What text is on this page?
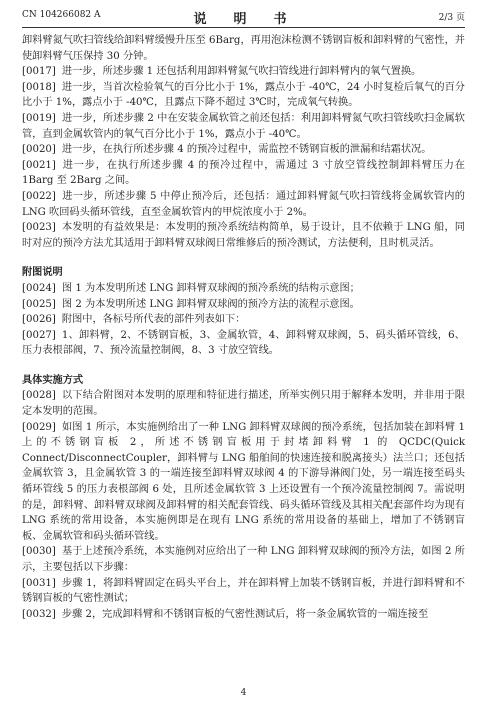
CN 104266082 A	说　明　书	2/3 页

卸料臂氮气吹扫管线给卸料臂缓慢升压至 6Barg，再用泡沫检测不锈钢盲板和卸料臂的气密性，并使卸料臂气压保持 30 分钟。

[0017] 进一步，所述步骤 1 还包括利用卸料臂氮气吹扫管线进行卸料臂内的氧气置换。

[0018] 进一步，当首次检验氧气的百分比小于 1%，露点小于 -40℃，24 小时复检后氧气的百分比小于 1%，露点小于 -40℃，且露点下降不超过 3℃时，完成氧气转换。

[0019] 进一步，所述步骤 2 中在安装金属软管之前还包括：利用卸料臂氮气吹扫管线吹扫金属软管，直到金属软管内的氧气百分比小于 1%，露点小于 -40℃。

[0020] 进一步，在执行所述步骤 4 的预冷过程中，需监控不锈钢盲板的泄漏和结霜状况。

[0021] 进一步，在执行所述步骤 4 的预冷过程中，需通过 3 寸放空管线控制卸料臂压力在 1Barg 至 2Barg 之间。

[0022] 进一步，所述步骤 5 中停止预冷后，还包括：通过卸料臂氮气吹扫管线将金属软管内的 LNG 吹回码头循环管线，直至金属软管内的甲烷浓度小于 2%。

[0023] 本发明的有益效果是：本发明的预冷系统结构简单，易于设计，且不依赖于 LNG 船，同时对应的预冷方法尤其适用于卸料臂双球阀日常维修后的预冷测试，方法便利，且时机灵活。

附图说明

[0024] 图 1 为本发明所述 LNG 卸料臂双球阀的预冷系统的结构示意图；

[0025] 图 2 为本发明所述 LNG 卸料臂双球阀的预冷方法的流程示意图。

[0026] 附图中，各标号所代表的部件列表如下：

[0027] 1、卸料臂，2、不锈钢盲板，3、金属软管，4、卸料臂双球阀，5、码头循环管线，6、压力表根部阀，7、预冷流量控制阀，8、3 寸放空管线。

具体实施方式

[0028] 以下结合附图对本发明的原理和特征进行描述，所举实例只用于解释本发明，并非用于限定本发明的范围。

[0029] 如图 1 所示，本实施例给出了一种 LNG 卸料臂双球阀的预冷系统，包括加装在卸料臂 1 上的不锈钢盲板 2，所述不锈钢盲板用于封堵卸料臂 1 的 QCDC(Quick Connect/DisconnectCoupler，卸料臂与 LNG 船舶间的快速连接和脱离接头）法兰口；还包括金属软管 3，且金属软管 3 的一端连接至卸料臂双球阀 4 的下游导淋阀门处，另一端连接至码头循环管线 5 的压力表根部阀 6 处，且所述金属软管 3 上还设置有一个预冷流量控制阀 7。需说明的是，卸料臂、卸料臂双球阀及卸料臂的相关配套管线、码头循环管线及其相关配套部件均为现有 LNG 系统的常用设备，本实施例即是在现有 LNG 系统的常用设备的基础上，增加了不锈钢盲板、金属软管和码头循环管线。

[0030] 基于上述预冷系统，本实施例对应给出了一种 LNG 卸料臂双球阀的预冷方法，如图 2 所示，主要包括以下步骤：

[0031] 步骤 1，将卸料臂固定在码头平台上，并在卸料臂上加装不锈钢盲板，并进行卸料臂和不锈钢盲板的气密性测试；

[0032] 步骤 2，完成卸料臂和不锈钢盲板的气密性测试后，将一条金属软管的一端连接至

4
